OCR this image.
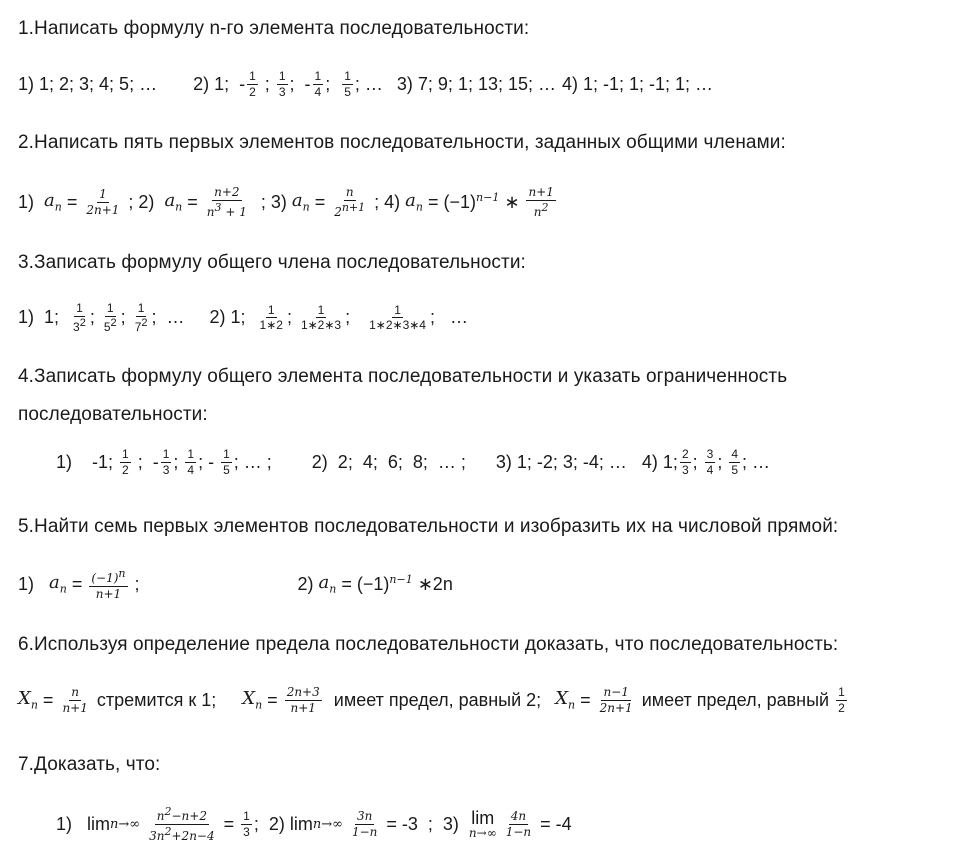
1.Написать формулу n-го элемента последовательности:
1) 1; 2; 3; 4; 5; … 2) 1; - $\frac{1}{2}$ ; $\frac{1}{3}$ ;  - $\frac{1}{4}$ ; $\frac{1}{5}$ ; … 3) 7; 9; 1; 13; 15; … 4) 1; -1; 1; -1; 1; …
2.Написать пять первых элементов последовательности, заданных общими членами:
1) $a_n = \frac{1}{2n+1}$ ; 2) $a_n = \frac{n+2}{n^3 + 1}$ ; 3) $a_n = \frac{n}{2^{n+1}}$ ; 4) $a_n = (-1)^{n-1}$ ∗ $\frac{n+1}{n^2}$
3.Записать формулу общего члена последовательности:
1)  1; $\frac{1}{3^2}$ ; $\frac{1}{5^2}$ ; $\frac{1}{7^2}$ ;  …     2) 1; $\frac{1}{1∗2}$ ; $\frac{1}{1∗2∗3}$ ; $\frac{1}{1∗2∗3∗4}$ ;   …
4.Записать формулу общего элемента последовательности и указать ограниченность
последовательности:
1)    -1; $\frac{1}{2}$ ;  - $\frac{1}{3}$ ; $\frac{1}{4}$ ; - $\frac{1}{5}$ ; … ; 2)  2;  4;  6;  8;  … ;      3) 1; -2; 3; -4; …   4) 1; $\frac{2}{3}$ ; $\frac{3}{4}$ ; $\frac{4}{5}$ ; …
5.Найти семь первых элементов последовательности и изобразить их на числовой прямой:
1) $a_n = \frac{(-1)^n}{n+1}$ ;	2) $a_n = (-1)^{n-1}$ ∗2n
6.Используя определение предела последовательности доказать, что последовательность:
$X_n = \frac{n}{n+1}$
стремится к 1; $X_n = \frac{2n+3}{n+1}$
имеет предел, равный 2; $X_n = \frac{n-1}{2n+1}$
имеет предел, равный
$\frac{1}{2}$
7.Доказать, что:
1)   lim n→∞
$\frac{n^2-n+2}{3n^2+2n-4} = \frac{1}{3}$ ;  2) lim n→∞
$\frac{3n}{1-n} = -3$  ;  3) lim
n→∞
$\frac{4n}{1-n} = -4$
